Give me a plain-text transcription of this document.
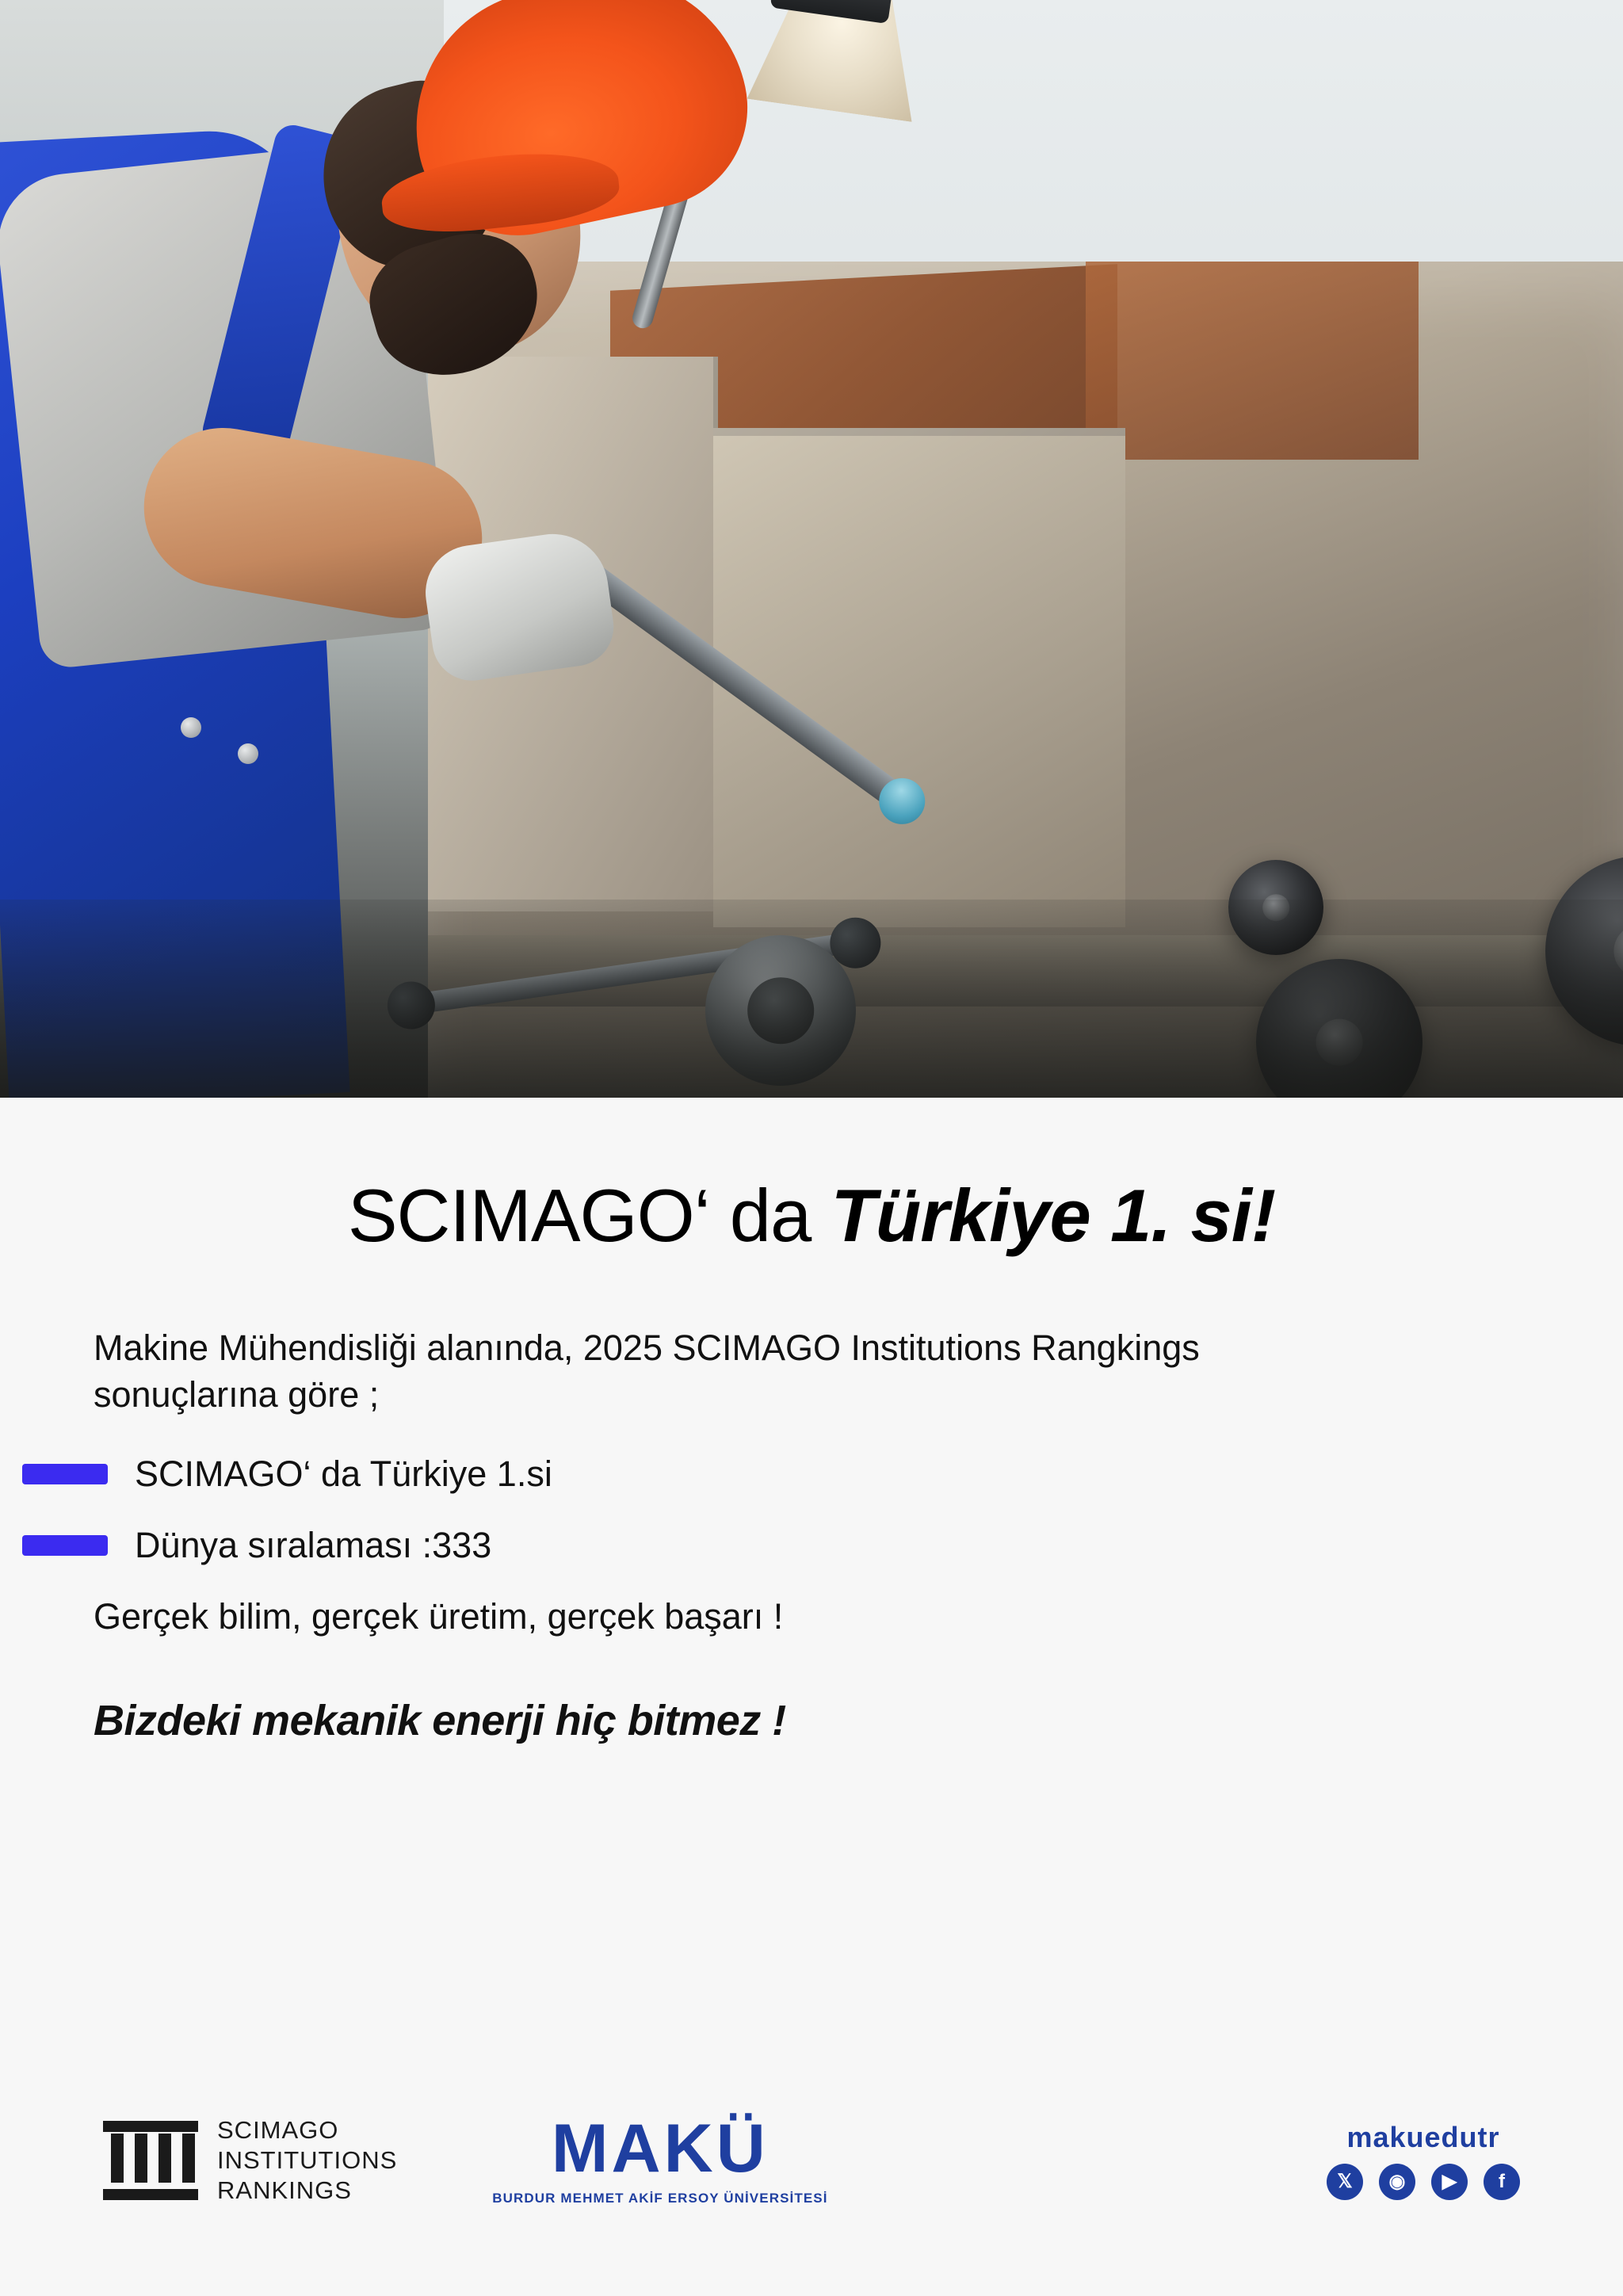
SCIMAGO‘ da Türkiye 1. si!

Makine Mühendisliği alanında, 2025 SCIMAGO Institutions Rangkings sonuçlarına göre ;

SCIMAGO‘ da Türkiye 1.si
Dünya sıralaması :333

Gerçek bilim, gerçek üretim, gerçek başarı !

Bizdeki mekanik enerji hiç bitmez !

SCIMAGO
INSTITUTIONS
RANKINGS
MAKÜ
BURDUR MEHMET AKİF ERSOY ÜNİVERSİTESİ
makuedutr
𝕏	◉	▶	f
